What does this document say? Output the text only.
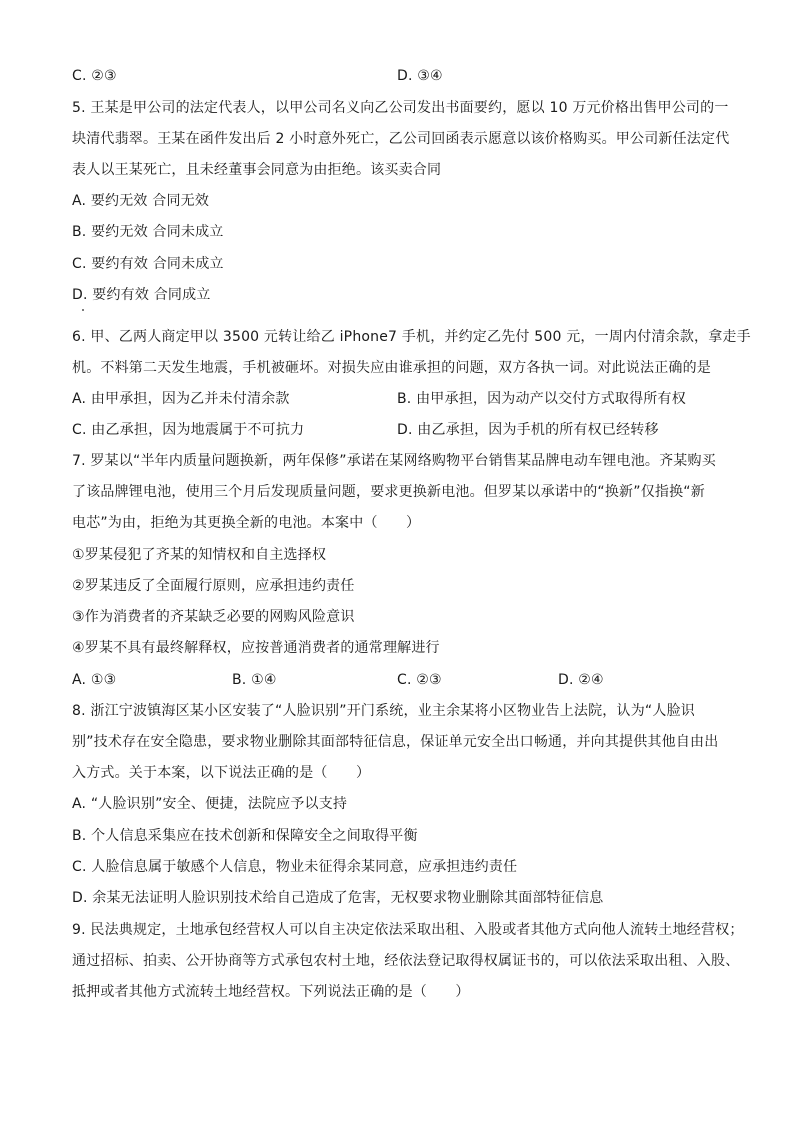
C. ②③	D. ③④
5. 王某是甲公司的法定代表人，以甲公司名义向乙公司发出书面要约，愿以 10 万元价格出售甲公司的一
块清代翡翠。王某在函件发出后 2 小时意外死亡，乙公司回函表示愿意以该价格购买。甲公司新任法定代
表人以王某死亡，且未经董事会同意为由拒绝。该买卖合同
A. 要约无效 合同无效
B. 要约无效 合同未成立
C. 要约有效 合同未成立
D. 要约有效 合同成立
6. 甲、乙两人商定甲以 3500 元转让给乙 iPhone7 手机，并约定乙先付 500 元，一周内付清余款，拿走手
机。不料第二天发生地震，手机被砸坏。对损失应由谁承担的问题，双方各执一词。对此说法正确的是
A. 由甲承担，因为乙并未付清余款	B. 由甲承担，因为动产以交付方式取得所有权
C. 由乙承担，因为地震属于不可抗力	D. 由乙承担，因为手机的所有权已经转移
7. 罗某以“半年内质量问题换新，两年保修”承诺在某网络购物平台销售某品牌电动车锂电池。齐某购买
了该品牌锂电池，使用三个月后发现质量问题，要求更换新电池。但罗某以承诺中的“换新”仅指换“新
电芯”为由，拒绝为其更换全新的电池。本案中（　　）
①罗某侵犯了齐某的知情权和自主选择权
②罗某违反了全面履行原则，应承担违约责任
③作为消费者的齐某缺乏必要的网购风险意识
④罗某不具有最终解释权，应按普通消费者的通常理解进行
A. ①③	B. ①④	C. ②③	D. ②④
8. 浙江宁波镇海区某小区安装了“人脸识别”开门系统，业主余某将小区物业告上法院，认为“人脸识
别”技术存在安全隐患，要求物业删除其面部特征信息，保证单元安全出口畅通，并向其提供其他自由出
入方式。关于本案，以下说法正确的是（　　）
A. “人脸识别”安全、便捷，法院应予以支持
B. 个人信息采集应在技术创新和保障安全之间取得平衡
C. 人脸信息属于敏感个人信息，物业未征得余某同意，应承担违约责任
D. 余某无法证明人脸识别技术给自己造成了危害，无权要求物业删除其面部特征信息
9. 民法典规定，土地承包经营权人可以自主决定依法采取出租、入股或者其他方式向他人流转土地经营权；
通过招标、拍卖、公开协商等方式承包农村土地，经依法登记取得权属证书的，可以依法采取出租、入股、
抵押或者其他方式流转土地经营权。下列说法正确的是（　　）
